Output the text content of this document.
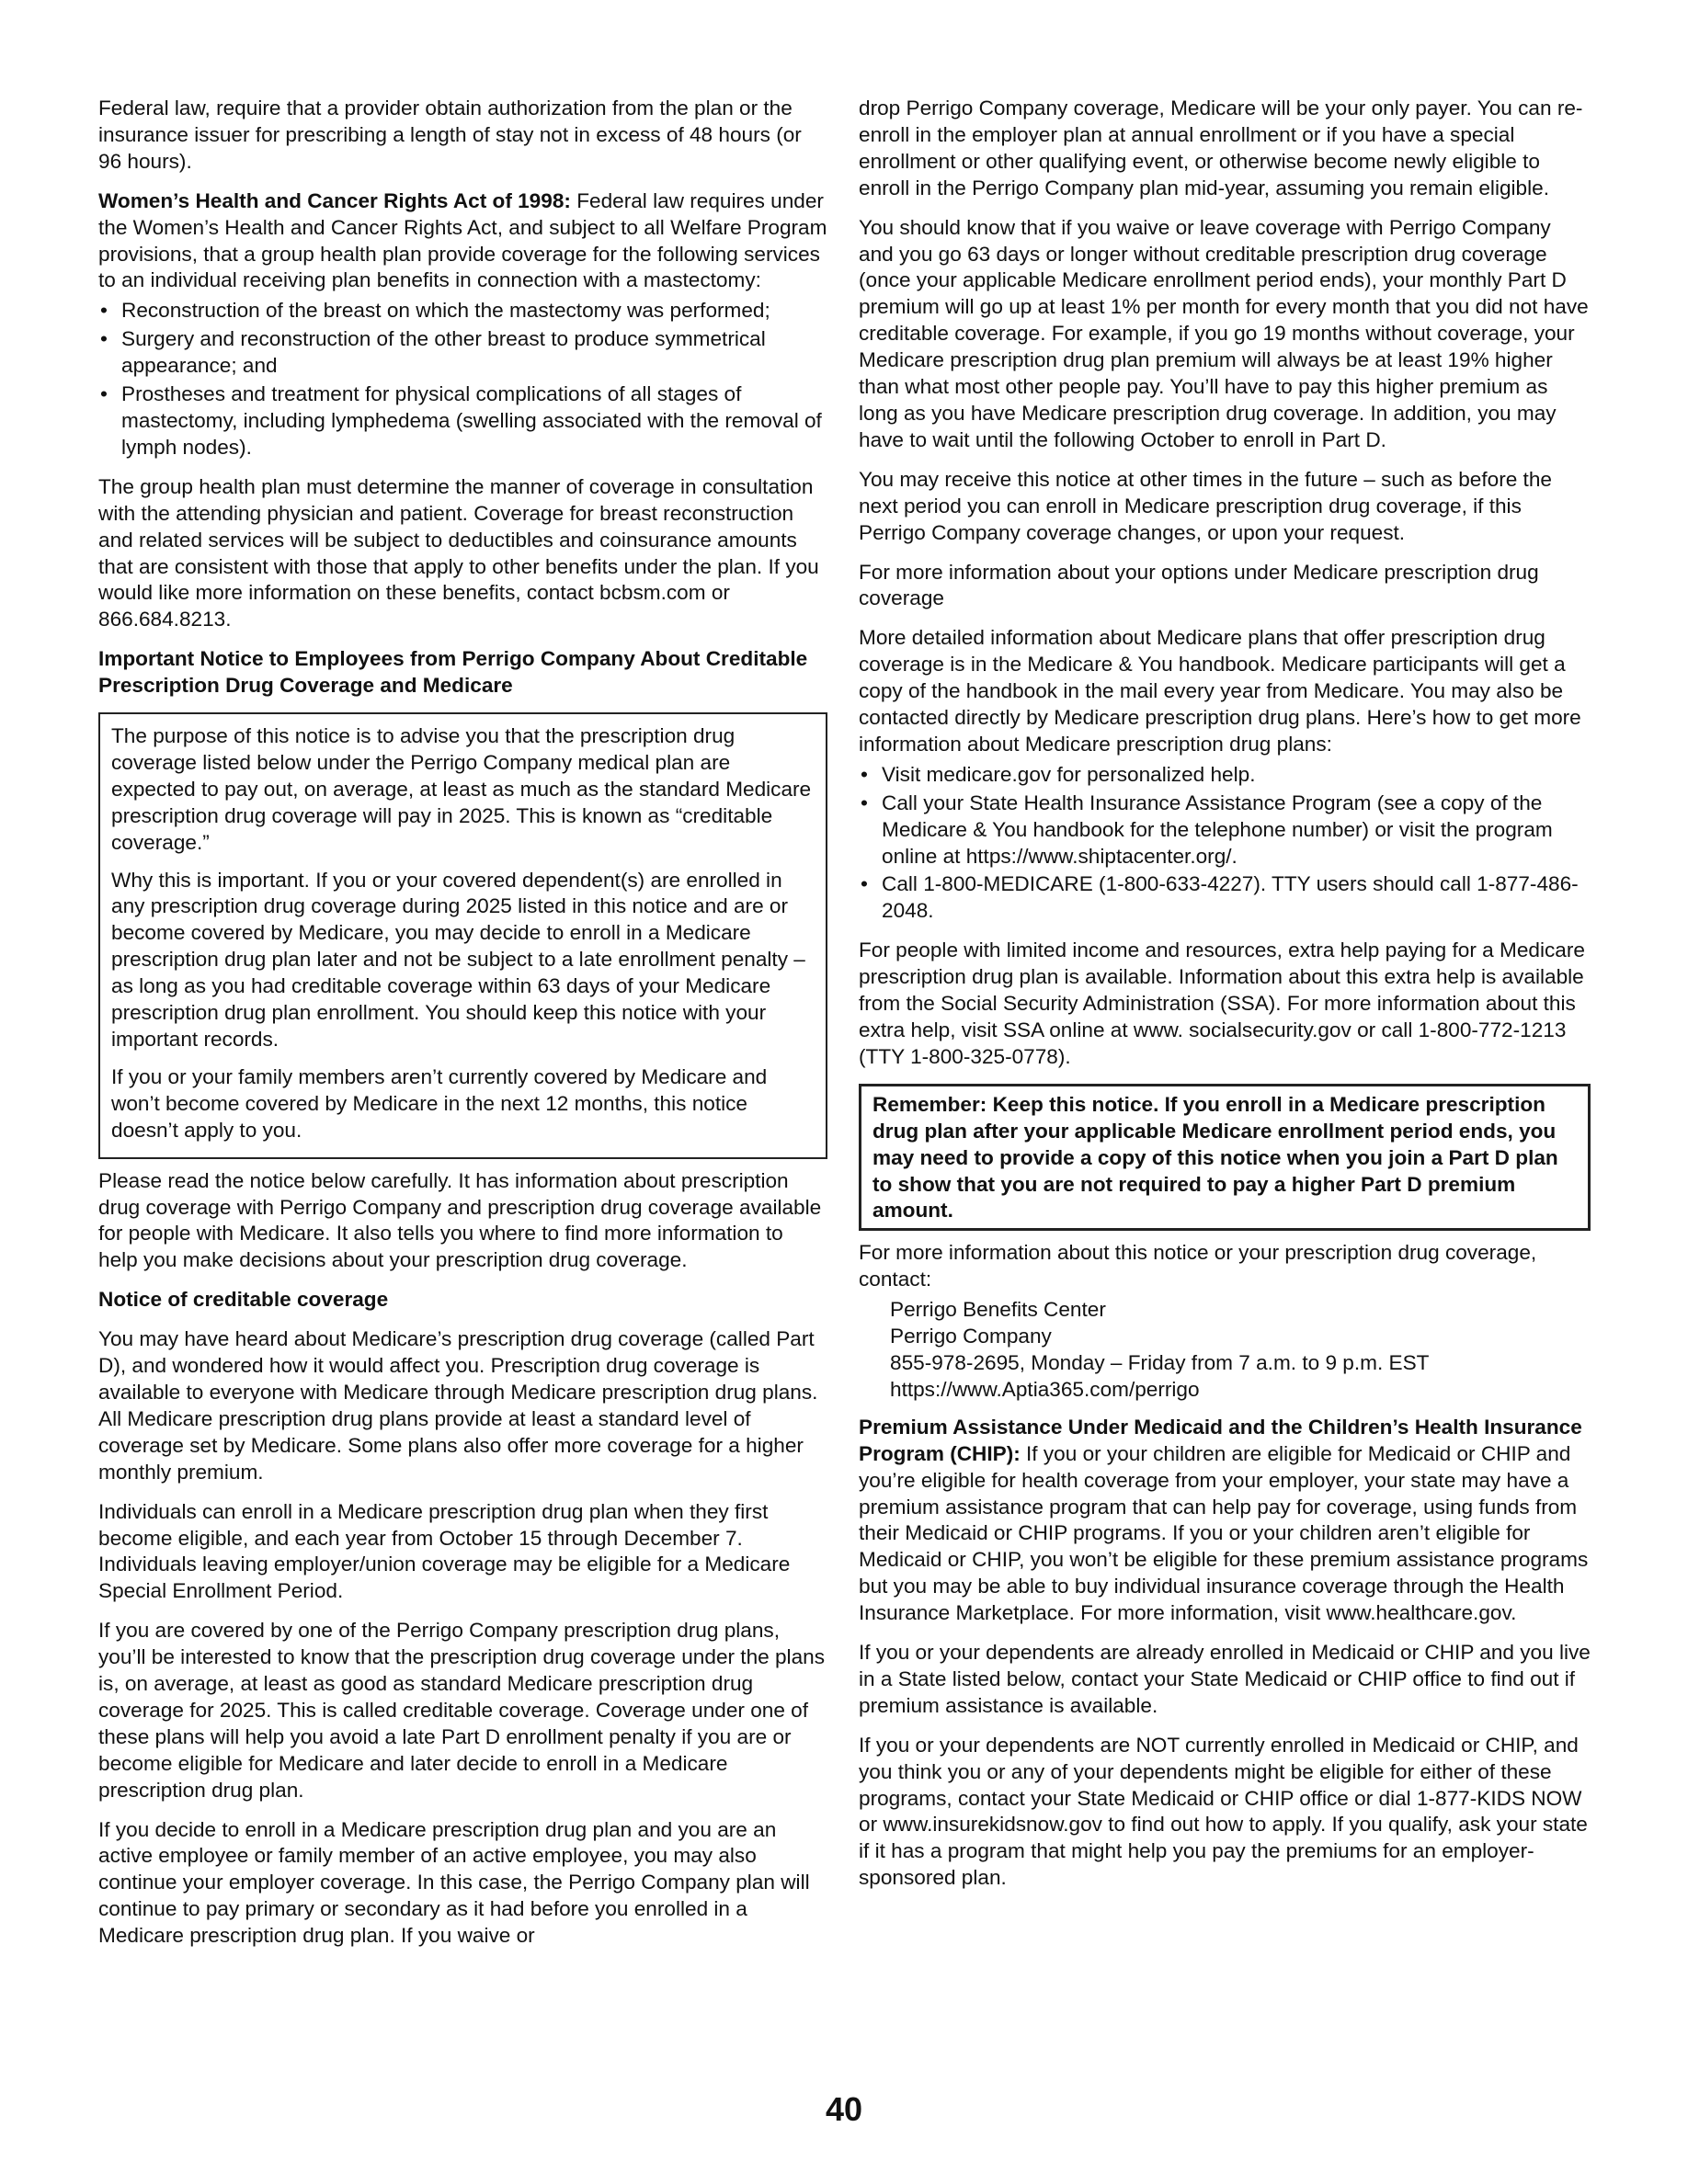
Federal law, require that a provider obtain authorization from the plan or the insurance issuer for prescribing a length of stay not in excess of 48 hours (or 96 hours).

Women’s Health and Cancer Rights Act of 1998: Federal law requires under the Women’s Health and Cancer Rights Act, and subject to all Welfare Program provisions, that a group health plan provide coverage for the following services to an individual receiving plan benefits in connection with a mastectomy:

• Reconstruction of the breast on which the mastectomy was performed;
• Surgery and reconstruction of the other breast to produce symmetrical appearance; and
• Prostheses and treatment for physical complications of all stages of mastectomy, including lymphedema (swelling associated with the removal of lymph nodes).

The group health plan must determine the manner of coverage in consultation with the attending physician and patient. Coverage for breast reconstruction and related services will be subject to deductibles and coinsurance amounts that are consistent with those that apply to other benefits under the plan. If you would like more information on these benefits, contact bcbsm.com or 866.684.8213.

Important Notice to Employees from Perrigo Company About Creditable Prescription Drug Coverage and Medicare

The purpose of this notice is to advise you that the prescription drug coverage listed below under the Perrigo Company medical plan are expected to pay out, on average, at least as much as the standard Medicare prescription drug coverage will pay in 2025. This is known as “creditable coverage.”

Why this is important. If you or your covered dependent(s) are enrolled in any prescription drug coverage during 2025 listed in this notice and are or become covered by Medicare, you may decide to enroll in a Medicare prescription drug plan later and not be subject to a late enrollment penalty – as long as you had creditable coverage within 63 days of your Medicare prescription drug plan enrollment. You should keep this notice with your important records.

If you or your family members aren’t currently covered by Medicare and won’t become covered by Medicare in the next 12 months, this notice doesn’t apply to you.

Please read the notice below carefully. It has information about prescription drug coverage with Perrigo Company and prescription drug coverage available for people with Medicare. It also tells you where to find more information to help you make decisions about your prescription drug coverage.

Notice of creditable coverage

You may have heard about Medicare’s prescription drug coverage (called Part D), and wondered how it would affect you. Prescription drug coverage is available to everyone with Medicare through Medicare prescription drug plans. All Medicare prescription drug plans provide at least a standard level of coverage set by Medicare. Some plans also offer more coverage for a higher monthly premium.

Individuals can enroll in a Medicare prescription drug plan when they first become eligible, and each year from October 15 through December 7. Individuals leaving employer/union coverage may be eligible for a Medicare Special Enrollment Period.

If you are covered by one of the Perrigo Company prescription drug plans, you’ll be interested to know that the prescription drug coverage under the plans is, on average, at least as good as standard Medicare prescription drug coverage for 2025. This is called creditable coverage. Coverage under one of these plans will help you avoid a late Part D enrollment penalty if you are or become eligible for Medicare and later decide to enroll in a Medicare prescription drug plan.

If you decide to enroll in a Medicare prescription drug plan and you are an active employee or family member of an active employee, you may also continue your employer coverage. In this case, the Perrigo Company plan will continue to pay primary or secondary as it had before you enrolled in a Medicare prescription drug plan. If you waive or

drop Perrigo Company coverage, Medicare will be your only payer. You can re-enroll in the employer plan at annual enrollment or if you have a special enrollment or other qualifying event, or otherwise become newly eligible to enroll in the Perrigo Company plan mid-year, assuming you remain eligible.

You should know that if you waive or leave coverage with Perrigo Company and you go 63 days or longer without creditable prescription drug coverage (once your applicable Medicare enrollment period ends), your monthly Part D premium will go up at least 1% per month for every month that you did not have creditable coverage. For example, if you go 19 months without coverage, your Medicare prescription drug plan premium will always be at least 19% higher than what most other people pay. You’ll have to pay this higher premium as long as you have Medicare prescription drug coverage. In addition, you may have to wait until the following October to enroll in Part D.

You may receive this notice at other times in the future – such as before the next period you can enroll in Medicare prescription drug coverage, if this Perrigo Company coverage changes, or upon your request.

For more information about your options under Medicare prescription drug coverage

More detailed information about Medicare plans that offer prescription drug coverage is in the Medicare & You handbook. Medicare participants will get a copy of the handbook in the mail every year from Medicare. You may also be contacted directly by Medicare prescription drug plans. Here’s how to get more information about Medicare prescription drug plans:

• Visit medicare.gov for personalized help.
• Call your State Health Insurance Assistance Program (see a copy of the Medicare & You handbook for the telephone number) or visit the program online at https://www.shiptacenter.org/.
• Call 1-800-MEDICARE (1-800-633-4227). TTY users should call 1-877-486-2048.

For people with limited income and resources, extra help paying for a Medicare prescription drug plan is available. Information about this extra help is available from the Social Security Administration (SSA). For more information about this extra help, visit SSA online at www. socialsecurity.gov or call 1-800-772-1213 (TTY 1-800-325-0778).

Remember: Keep this notice. If you enroll in a Medicare prescription drug plan after your applicable Medicare enrollment period ends, you may need to provide a copy of this notice when you join a Part D plan to show that you are not required to pay a higher Part D premium amount.

For more information about this notice or your prescription drug coverage, contact:

Perrigo Benefits Center
Perrigo Company
855-978-2695, Monday – Friday from 7 a.m. to 9 p.m. EST
https://www.Aptia365.com/perrigo

Premium Assistance Under Medicaid and the Children’s Health Insurance Program (CHIP): If you or your children are eligible for Medicaid or CHIP and you’re eligible for health coverage from your employer, your state may have a premium assistance program that can help pay for coverage, using funds from their Medicaid or CHIP programs. If you or your children aren’t eligible for Medicaid or CHIP, you won’t be eligible for these premium assistance programs but you may be able to buy individual insurance coverage through the Health Insurance Marketplace. For more information, visit www.healthcare.gov.

If you or your dependents are already enrolled in Medicaid or CHIP and you live in a State listed below, contact your State Medicaid or CHIP office to find out if premium assistance is available.

If you or your dependents are NOT currently enrolled in Medicaid or CHIP, and you think you or any of your dependents might be eligible for either of these programs, contact your State Medicaid or CHIP office or dial 1-877-KIDS NOW or www.insurekidsnow.gov to find out how to apply. If you qualify, ask your state if it has a program that might help you pay the premiums for an employer-sponsored plan.

40
